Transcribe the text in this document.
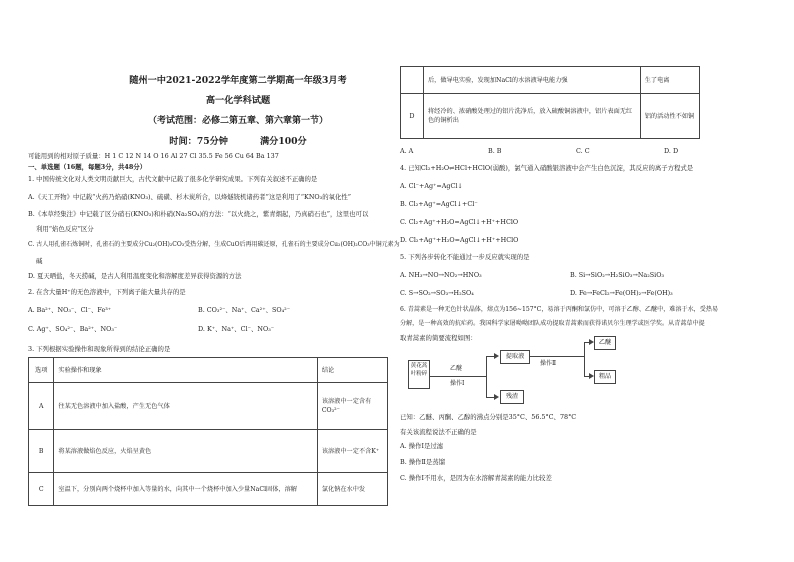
随州一中2021-2022学年度第二学期高一年级3月考
高一化学科试题
（考试范围：必修二第五章、第六章第一节）
时间：75分钟          满分100分
可能用到的相对原子质量：H 1 C 12 N 14 O 16 Al 27 Cl 35.5 Fe 56 Cu 64 Ba 137
一、单选题（16题，每题3分，共48分）
1. 中国传统文化对人类文明贡献巨大，古代文献中记载了很多化学研究成果。下列有关叙述不正确的是
A.《天工开物》中记载“火药乃焰硝(KNO₃)、硫磺、杉木炭所合，以烽燧铳机诸药者”这是利用了“KNO₃的氧化性”
B.《本草经集注》中记载了区分硝石(KNO₃)和朴硝(Na₂SO₄)的方法：“以火烧之，紫青烟起，乃真硝石也”，这里也可以
利用“焰色反应”区分
C. 古人用孔雀石炼铜时，孔雀石的主要成分Cu₂(OH)₂CO₃受热分解，生成CuO后再用碳还原，孔雀石的主要成分Cu₂(OH)₂CO₃中铜元素为
碱
D. 夏天晒盐，冬天捞碱，是古人利用温度变化和溶解度差异获得资源的方法
2. 在含大量H⁺的无色溶液中，下列离子能大量共存的是
A. Ba²⁺、NO₃⁻、Cl⁻、Fe³⁺	B. CO₃²⁻、Na⁺、Ca²⁺、SO₄²⁻
C. Ag⁺、SO₄²⁻、Ba²⁺、NO₃⁻	D. K⁺、Na⁺、Cl⁻、NO₃⁻
3. 下列根据实验操作和现象所得到的结论正确的是
选项	实验操作和现象	结论
A	往某无色溶液中加入盐酸，产生无色气体	该溶液中一定含有CO₃²⁻
B	将某溶液做焰色反应，火焰呈黄色	该溶液中一定不含K⁺
C	室温下，分别向两个烧杯中加入等量的水，向其中一个烧杯中加入少量NaCl固体，溶解	氯化钠在水中发
	后，做导电实验，发现加NaCl的水溶液导电能力强	生了电离
D	将经冷的、浓硝酸处理过的铝片洗净后，放入硫酸铜溶液中，铝片表面无红色的铜析出	铝的活动性不如铜
A. A	B. B	C. C	D. D
4. 已知Cl₂+H₂O⇌HCl+HClO(弱酸)，氯气通入硝酸银溶液中会产生白色沉淀，其反应的离子方程式是
A. Cl⁻+Ag⁺=AgCl↓
B. Cl₂+Ag⁺=AgCl↓+Cl⁻
C. Cl₂+Ag⁺+H₂O=AgCl↓+H⁺+HClO
D. Cl₂+Ag⁺+H₂O=AgCl↓+H⁺+HClO
5. 下列各步转化不能通过一步反应就实现的是
A. NH₃→NO→NO₂→HNO₃	B. Si→SiO₂→H₂SiO₃→Na₂SiO₃
C. S→SO₂→SO₃→H₂SO₄	D. Fe→FeCl₂→Fe(OH)₂→Fe(OH)₃
6. 青蒿素是一种无色针状晶体，熔点为156~157°C，易溶于丙酮和氯仿中，可溶于乙醇、乙醚中，难溶于水，受热易
分解，是一种高效的抗疟药。我国科学家屠呦呦团队成功提取青蒿素而获得诺贝尔生理学或医学奖。从青蒿草中提
取青蒿素的简要流程如图：
黄花蒿叶粉碎
乙醚
操作Ⅰ
提取液
残渣
操作Ⅱ
乙醚
粗品
已知：乙醚、丙酮、乙醇的沸点分别是35°C、56.5°C、78°C
有关该流程说法不正确的是
A. 操作Ⅰ是过滤
B. 操作Ⅱ是蒸馏
C. 操作Ⅰ不用水，是因为在水溶解青蒿素的能力比较差
